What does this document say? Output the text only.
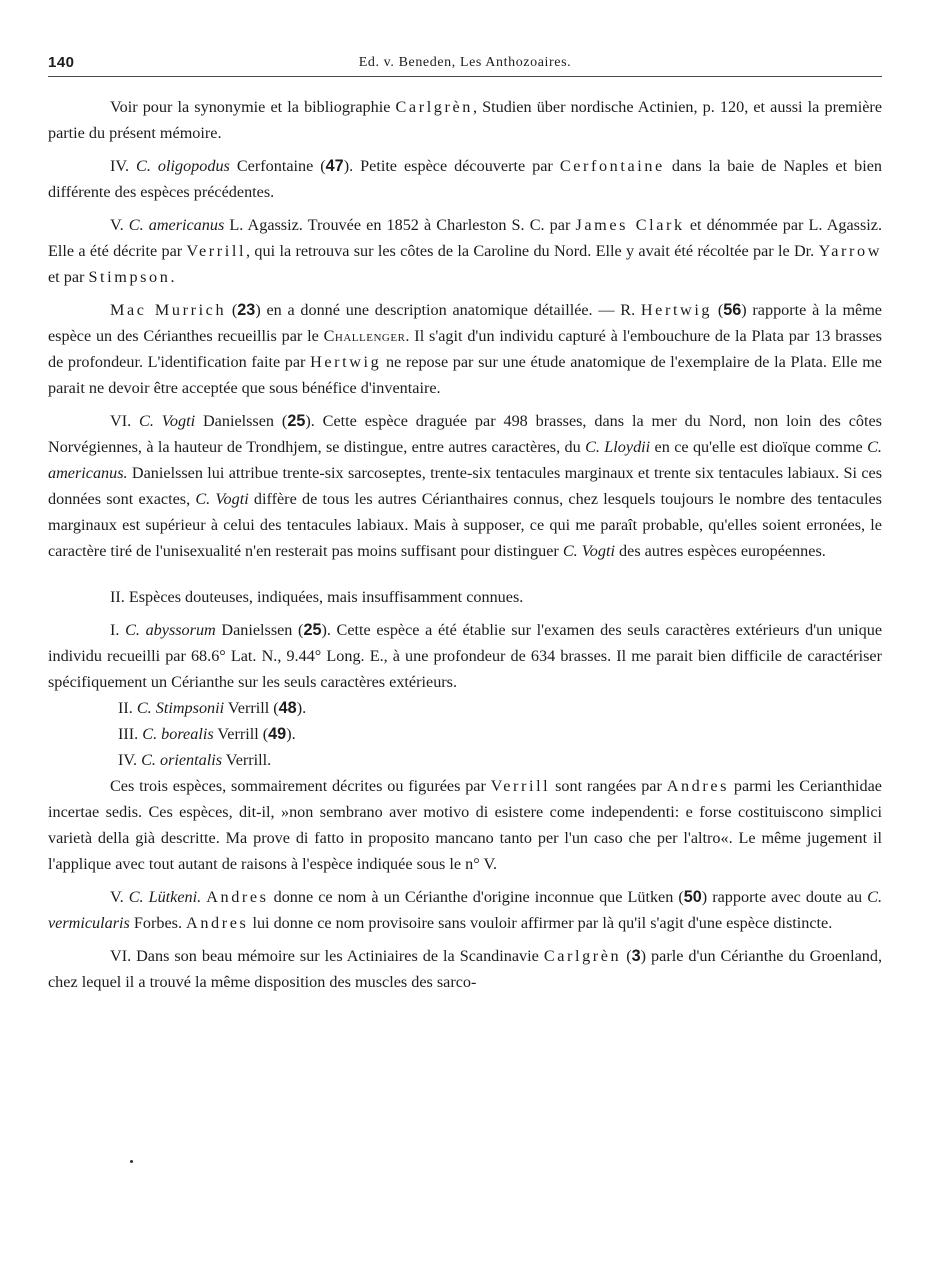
140	Ed. v. Beneden, Les Anthozoaires.

Voir pour la synonymie et la bibliographie Carlgrèn, Studien über nordische Actinien, p. 120, et aussi la première partie du présent mémoire.

IV. C. oligopodus Cerfontaine (47). Petite espèce découverte par Cerfontaine dans la baie de Naples et bien différente des espèces précédentes.

V. C. americanus L. Agassiz. Trouvée en 1852 à Charleston S. C. par James Clark et dénommée par L. Agassiz. Elle a été décrite par Verrill, qui la retrouva sur les côtes de la Caroline du Nord. Elle y avait été récoltée par le Dr. Yarrow et par Stimpson.

Mac Murrich (23) en a donné une description anatomique détaillée. — R. Hertwig (56) rapporte à la même espèce un des Cérianthes recueillis par le Challenger. Il s'agit d'un individu capturé à l'embouchure de la Plata par 13 brasses de profondeur. L'identification faite par Hertwig ne repose par sur une étude anatomique de l'exemplaire de la Plata. Elle me parait ne devoir être acceptée que sous bénéfice d'inventaire.

VI. C. Vogti Danielssen (25). Cette espèce draguée par 498 brasses, dans la mer du Nord, non loin des côtes Norvégiennes, à la hauteur de Trondhjem, se distingue, entre autres caractères, du C. Lloydii en ce qu'elle est dioïque comme C. americanus. Danielssen lui attribue trente-six sarcoseptes, trente-six tentacules marginaux et trente six tentacules labiaux. Si ces données sont exactes, C. Vogti diffère de tous les autres Cérianthaires connus, chez lesquels toujours le nombre des tentacules marginaux est supérieur à celui des tentacules labiaux. Mais à supposer, ce qui me paraît probable, qu'elles soient erronées, le caractère tiré de l'unisexualité n'en resterait pas moins suffisant pour distinguer C. Vogti des autres espèces européennes.

II. Espèces douteuses, indiquées, mais insuffisamment connues.

I. C. abyssorum Danielssen (25). Cette espèce a été établie sur l'examen des seuls caractères extérieurs d'un unique individu recueilli par 68.6° Lat. N., 9.44° Long. E., à une profondeur de 634 brasses. Il me parait bien difficile de caractériser spécifiquement un Cérianthe sur les seuls caractères extérieurs.

II. C. Stimpsonii Verrill (48).

III. C. borealis Verrill (49).

IV. C. orientalis Verrill.

Ces trois espèces, sommairement décrites ou figurées par Verrill sont rangées par Andres parmi les Cerianthidae incertae sedis. Ces espèces, dit-il, »non sembrano aver motivo di esistere come independenti: e forse costituiscono simplici varietà della già descritte. Ma prove di fatto in proposito mancano tanto per l'un caso che per l'altro«. Le même jugement il l'applique avec tout autant de raisons à l'espèce indiquée sous le n° V.

V. C. Lütkeni. Andres donne ce nom à un Cérianthe d'origine inconnue que Lütken (50) rapporte avec doute au C. vermicularis Forbes. Andres lui donne ce nom provisoire sans vouloir affirmer par là qu'il s'agit d'une espèce distincte.

VI. Dans son beau mémoire sur les Actiniaires de la Scandinavie Carlgrèn (3) parle d'un Cérianthe du Groenland, chez lequel il a trouvé la même disposition des muscles des sarco-
